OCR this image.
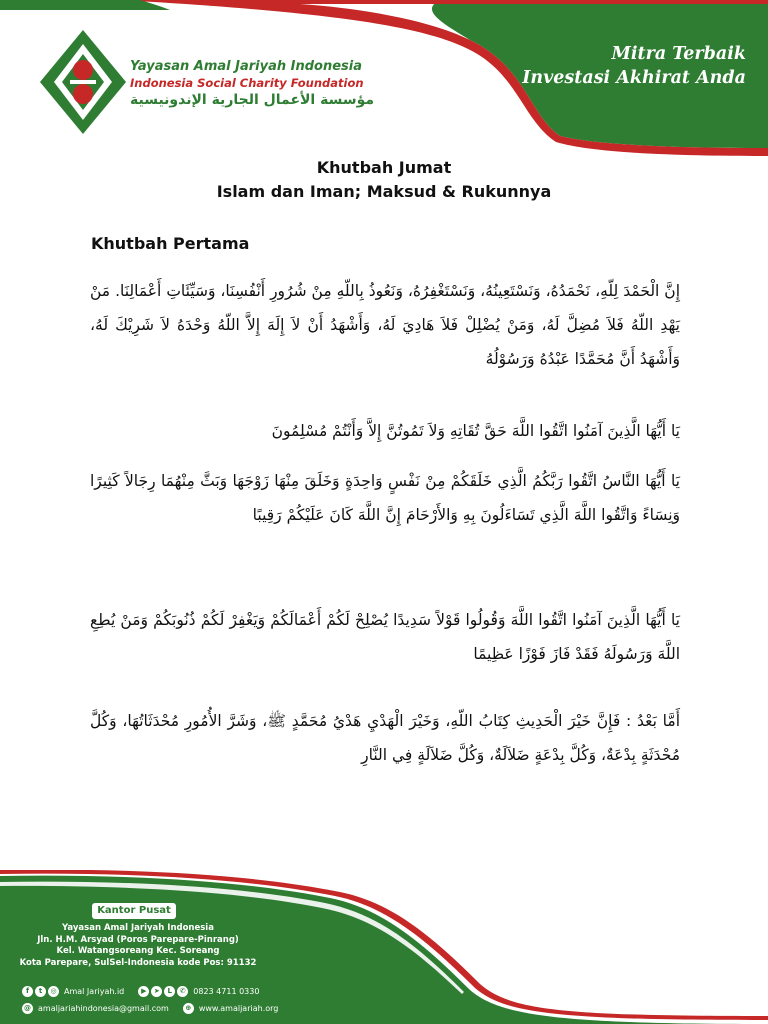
Yayasan Amal Jariyah Indonesia
Indonesia Social Charity Foundation
مؤسسة الأعمال الجارية الإندونيسية
Mitra Terbaik
Investasi Akhirat Anda
Khutbah Jumat
Islam dan Iman; Maksud & Rukunnya
Khutbah Pertama
إِنَّ الْحَمْدَ لِلّهِ، نَحْمَدُهُ، وَنَسْتَعِينُهُ، وَنَسْتَغْفِرُهُ، وَنَعُوذُ بِاللّهِ مِنْ شُرُورِ أَنْفُسِنَا، وَسَيِّئَاتِ أَعْمَالِنَا. مَنْ يَهْدِ اللّهُ فَلاَ مُضِلَّ لَهُ، وَمَنْ يُضْلِلْ فَلاَ هَادِيَ لَهُ، وَأَشْهَدُ أَنْ لاَ إِلَهَ إِلاَّ اللّهُ وَحْدَهُ لاَ شَرِيْكَ لَهُ، وَأَشْهَدُ أَنَّ مُحَمَّدًا عَبْدُهُ وَرَسُوْلُهُ
يَا أَيُّهَا الَّذِينَ آمَنُوا اتَّقُوا اللَّهَ حَقَّ تُقَاتِهِ وَلاَ تَمُوتُنَّ إِلاَّ وَأَنْتُمْ مُسْلِمُونَ
يَا أَيُّهَا النَّاسُ اتَّقُوا رَبَّكُمُ الَّذِي خَلَقَكُمْ مِنْ نَفْسٍ وَاحِدَةٍ وَخَلَقَ مِنْهَا زَوْجَهَا وَبَثَّ مِنْهُمَا رِجَالاً كَثِيرًا وَنِسَاءً وَاتَّقُوا اللَّهَ الَّذِي تَسَاءَلُونَ بِهِ وَالأَرْحَامَ إِنَّ اللَّهَ كَانَ عَلَيْكُمْ رَقِيبًا
يَا أَيُّهَا الَّذِينَ آمَنُوا اتَّقُوا اللَّهَ وَقُولُوا قَوْلاً سَدِيدًا يُصْلِحْ لَكُمْ أَعْمَالَكُمْ وَيَغْفِرْ لَكُمْ ذُنُوبَكُمْ وَمَنْ يُطِعِ اللَّهَ وَرَسُولَهُ فَقَدْ فَازَ فَوْزًا عَظِيمًا
أَمَّا بَعْدُ : فَإِنَّ خَيْرَ الْحَدِيثِ كِتَابُ اللّهِ، وَخَيْرَ الْهَدْيِ هَدْيُ مُحَمَّدٍ ﷺ، وَشَرَّ الأُمُورِ مُحْدَثَاتُهَا، وَكُلَّ مُحْدَثَةٍ بِدْعَةٌ، وَكُلَّ بِدْعَةٍ ضَلاَلَةٌ، وَكُلَّ ضَلاَلَةٍ فِي النَّارِ
Kantor Pusat
Yayasan Amal Jariyah Indonesia
Jln. H.M. Arsyad (Poros Parepare-Pinrang)
Kel. Watangsoreang Kec. Soreang
Kota Parepare, SulSel-Indonesia kode Pos: 91132
f	t	◎ Amal Jariyah.id	▶	➤	L	✆ 0823 4711 0330
@ amaljariahindonesia@gmail.com	⊕ www.amaljariah.org
